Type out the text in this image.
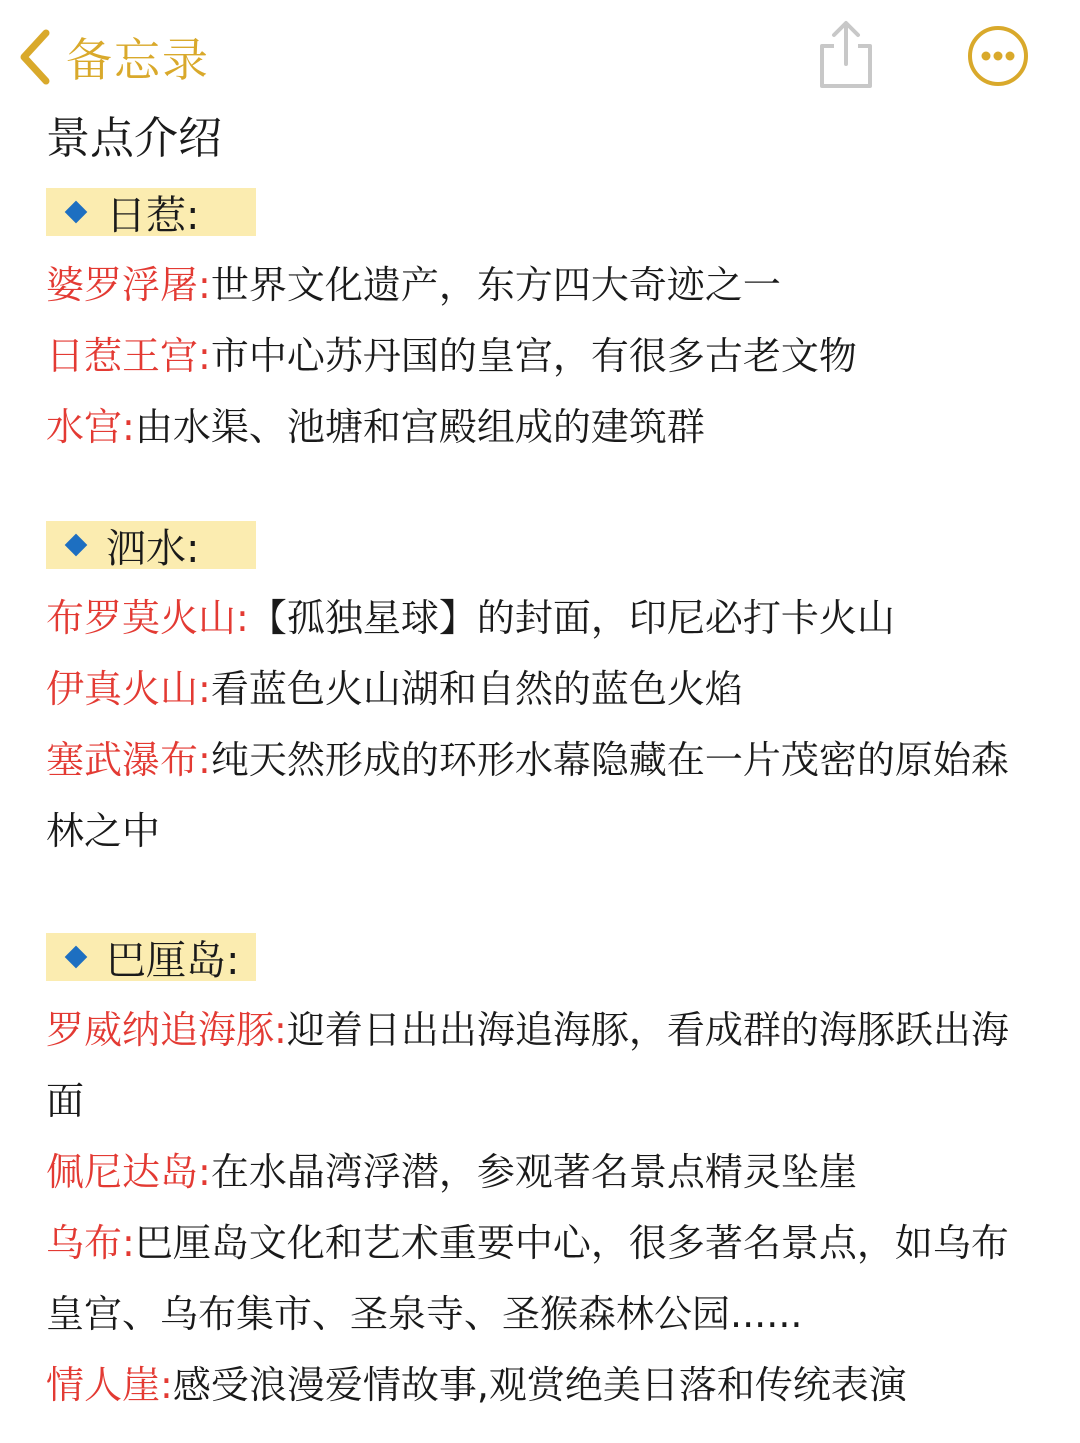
备忘录
景点介绍
日惹:

婆罗浮屠:世界文化遗产，东方四大奇迹之一

日惹王宫:市中心苏丹国的皇宫，有很多古老文物

水宫:由水渠、池塘和宫殿组成的建筑群

泗水:

布罗莫火山:【孤独星球】的封面，印尼必打卡火山

伊真火山:看蓝色火山湖和自然的蓝色火焰

塞武瀑布:纯天然形成的环形水幕隐藏在一片茂密的原始森林之中

巴厘岛:

罗威纳追海豚:迎着日出出海追海豚，看成群的海豚跃出海面

佩尼达岛:在水晶湾浮潜，参观著名景点精灵坠崖

乌布:巴厘岛文化和艺术重要中心，很多著名景点，如乌布皇宫、乌布集市、圣泉寺、圣猴森林公园......

情人崖:感受浪漫爱情故事,观赏绝美日落和传统表演
